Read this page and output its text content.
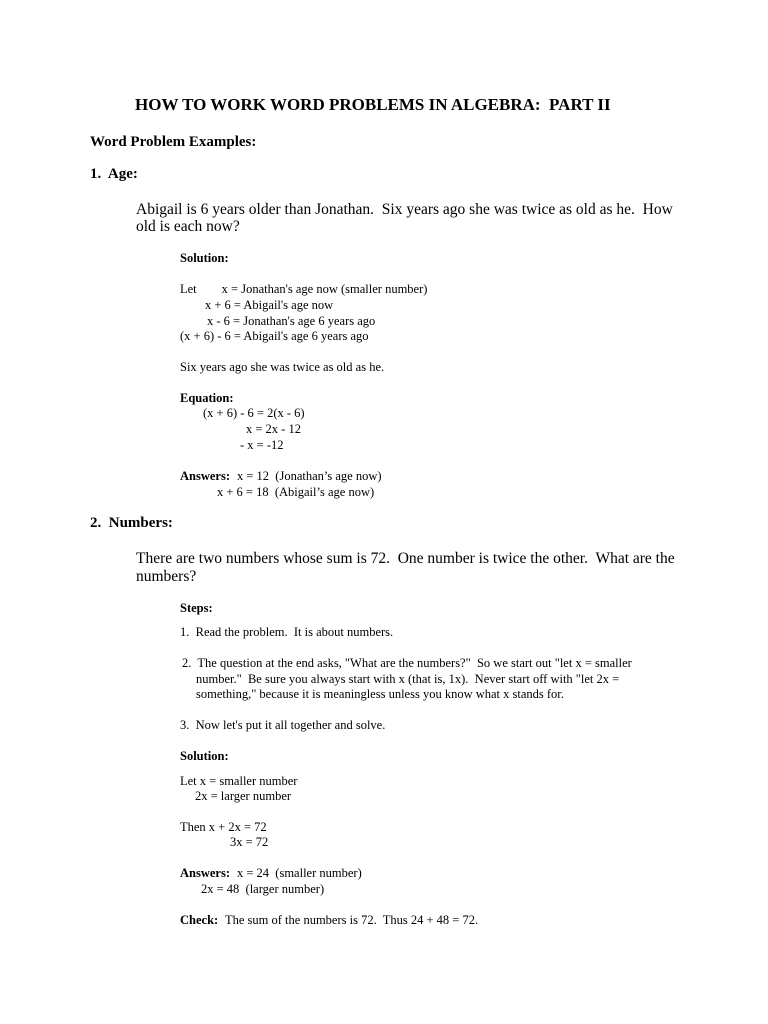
HOW TO WORK WORD PROBLEMS IN ALGEBRA:  PART II
Word Problem Examples:
1.  Age:
Abigail is 6 years older than Jonathan.  Six years ago she was twice as old as he.  How
old is each now?
Solution:
Let        x = Jonathan's age now (smaller number)
x + 6 = Abigail's age now
x - 6 = Jonathan's age 6 years ago
(x + 6) - 6 = Abigail's age 6 years ago
Six years ago she was twice as old as he.
Equation:
(x + 6) - 6 = 2(x - 6)
x = 2x - 12
- x = -12
Answers: x = 12  (Jonathan’s age now)
x + 6 = 18  (Abigail’s age now)
2.  Numbers:
There are two numbers whose sum is 72.  One number is twice the other.  What are the
numbers?
Steps:
1.  Read the problem.  It is about numbers.
2.  The question at the end asks, "What are the numbers?"  So we start out "let x = smaller
number."  Be sure you always start with x (that is, 1x).  Never start off with "let 2x =
something," because it is meaningless unless you know what x stands for.
3.  Now let's put it all together and solve.
Solution:
Let x = smaller number
2x = larger number
Then x + 2x = 72
3x = 72
Answers: x = 24  (smaller number)
2x = 48  (larger number)
Check: The sum of the numbers is 72.  Thus 24 + 48 = 72.
